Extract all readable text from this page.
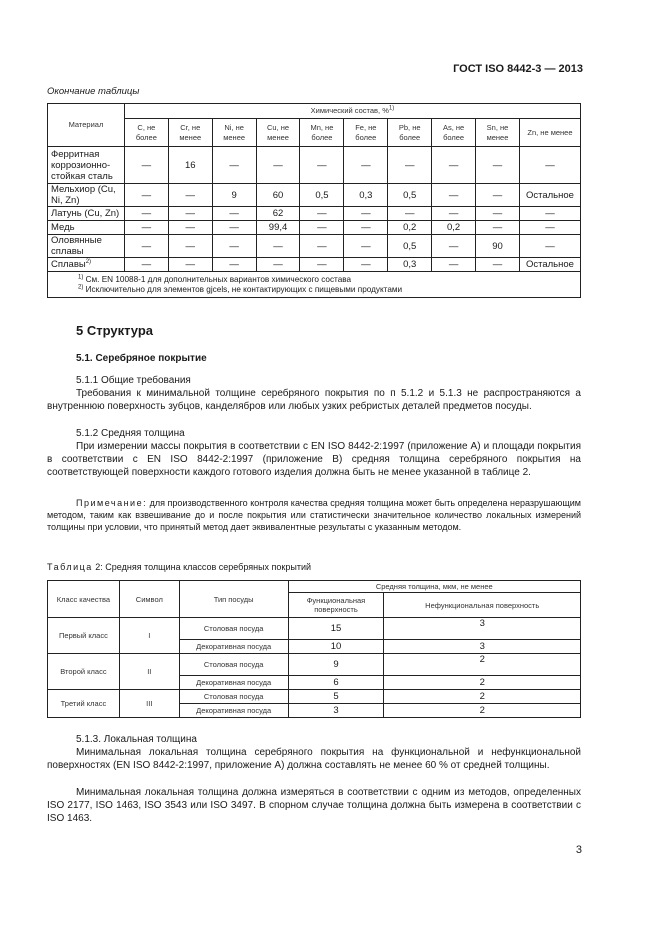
ГОСТ ISO 8442-3 — 2013
Окончание таблицы
Материал	Химический состав, %$^{1)}$
	C, не более	Cr, не менее	Ni, не менее	Cu, не менее	Mn, не более	Fe, не более	Pb, не более	As, не более	Sn, не менее	Zn, не менее
Ферритная коррозионно-стойкая сталь	—	16	—	—	—	—	—	—	—	—
Мельхиор (Cu, Ni, Zn)	—	—	9	60	0,5	0,3	0,5	—	—	Остальное
Латунь (Cu, Zn)	—	—	—	62	—	—	—	—	—	—
Медь	—	—	—	99,4	—	—	0,2	0,2	—	—
Оловянные сплавы	—	—	—	—	—	—	0,5	—	90	—
Сплавы$^{2)}$	—	—	—	—	—	—	0,3	—	—	Остальное

$^{1)}$ См. EN 10088-1 для дополнительных вариантов химического состава
$^{2)}$ Исключительно для элементов gjcels, не контактирующих с пищевыми продуктами										
5 Структура
5.1. Серебряное покрытие
5.1.1 Общие требования
Требования к минимальной толщине серебряного покрытия по п 5.1.2 и 5.1.3 не распространяются а внутреннюю поверхность зубцов, канделябров или любых узких ребристых деталей предметов посуды.
5.1.2 Средняя толщина
При измерении массы покрытия в соответствии с EN ISO 8442-2:1997 (приложение А) и площади покрытия в соответствии с EN ISO 8442-2:1997 (приложение В) средняя толщина серебряного покрытия на соответствующей поверхности каждого готового изделия должна быть не менее указанной в таблице 2.
Примечание: для производственного контроля качества средняя толщина может быть определена неразрушающим методом, таким как взвешивание до и после покрытия или статистически значительное количество локальных измерений толщины при условии, что принятый метод дает эквивалентные результаты с указанным методом.
Таблица 2: Средняя толщина классов серебряных покрытий
Класс качества	Символ	Тип посуды	Средняя толщина, мкм, не менее	
			Функциональная поверхность	Нефункциональная поверхность
Первый класс	I	Столовая посуда	15	3
		Декоративная посуда	10	3
Второй класс	II	Столовая посуда	9	2
		Декоративная посуда	6	2
Третий класс	III	Столовая посуда	5	2
		Декоративная посуда	3	2
5.1.3. Локальная толщина
Минимальная локальная толщина серебряного покрытия на функциональной и нефункциональной поверхностях (EN ISO 8442-2:1997, приложение А) должна составлять не менее 60 % от средней толщины.
Минимальная локальная толщина должна измеряться в соответствии с одним из методов, определенных ISO 2177, ISO 1463, ISO 3543 или ISO 3497. В спорном случае толщина должна быть измерена в соответствии с ISO 1463.
3
